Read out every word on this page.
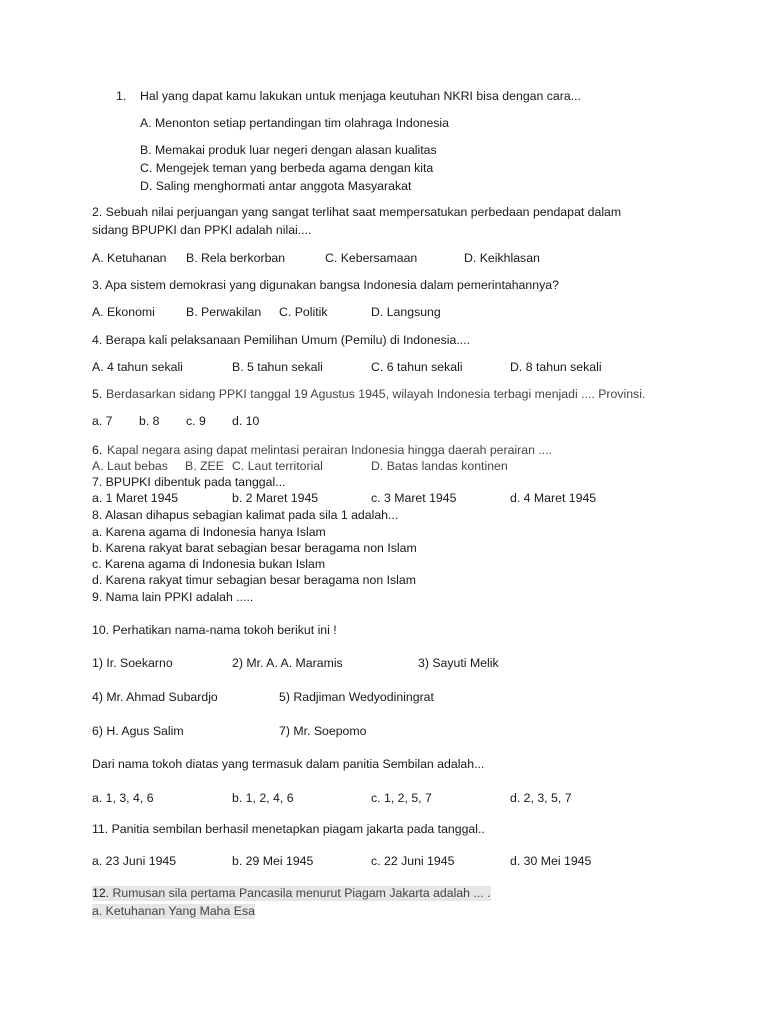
1. Hal yang dapat kamu lakukan untuk menjaga keutuhan NKRI bisa dengan cara...
A. Menonton setiap pertandingan tim olahraga Indonesia
B. Memakai produk luar negeri dengan alasan kualitas
C. Mengejek teman yang berbeda agama dengan kita
D. Saling menghormati antar anggota Masyarakat
2. Sebuah nilai perjuangan yang sangat terlihat saat mempersatukan perbedaan pendapat dalam
sidang BPUPKI dan PPKI adalah nilai....
A. Ketuhanan B. Rela berkorban	C. Kebersamaan	D. Keikhlasan
3. Apa sistem demokrasi yang digunakan bangsa Indonesia dalam pemerintahannya?
A. Ekonomi	B. Perwakilan C. Politik	D. Langsung
4. Berapa kali pelaksanaan Pemilihan Umum (Pemilu) di Indonesia....
A. 4 tahun sekali	B. 5 tahun sekali	C. 6 tahun sekali	D. 8 tahun sekali
5. Berdasarkan sidang PPKI tanggal 19 Agustus 1945, wilayah Indonesia terbagi menjadi .... Provinsi.
a. 7 b. 8 c. 9 d. 10
6. Kapal negara asing dapat melintasi perairan Indonesia hingga daerah perairan ....
A. Laut bebas B. ZEE C. Laut territorial	D. Batas landas kontinen
7. BPUPKI dibentuk pada tanggal...
a. 1 Maret 1945	b. 2 Maret 1945	c. 3 Maret 1945	d. 4 Maret 1945
8. Alasan dihapus sebagian kalimat pada sila 1 adalah...
a. Karena agama di Indonesia hanya Islam
b. Karena rakyat barat sebagian besar beragama non Islam
c. Karena agama di Indonesia bukan Islam
d. Karena rakyat timur sebagian besar beragama non Islam
9. Nama lain PPKI adalah .....
10. Perhatikan nama-nama tokoh berikut ini !
1) Ir. Soekarno	2) Mr. A. A. Maramis	3) Sayuti Melik
4) Mr. Ahmad Subardjo	5) Radjiman Wedyodiningrat
6) H. Agus Salim	7) Mr. Soepomo
Dari nama tokoh diatas yang termasuk dalam panitia Sembilan adalah...
a. 1, 3, 4, 6	b. 1, 2, 4, 6	c. 1, 2, 5, 7	d. 2, 3, 5, 7
11. Panitia sembilan berhasil menetapkan piagam jakarta pada tanggal..
a. 23 Juni 1945	b. 29 Mei 1945	c. 22 Juni 1945	d. 30 Mei 1945
12. Rumusan sila pertama Pancasila menurut Piagam Jakarta adalah ... .
a. Ketuhanan Yang Maha Esa
